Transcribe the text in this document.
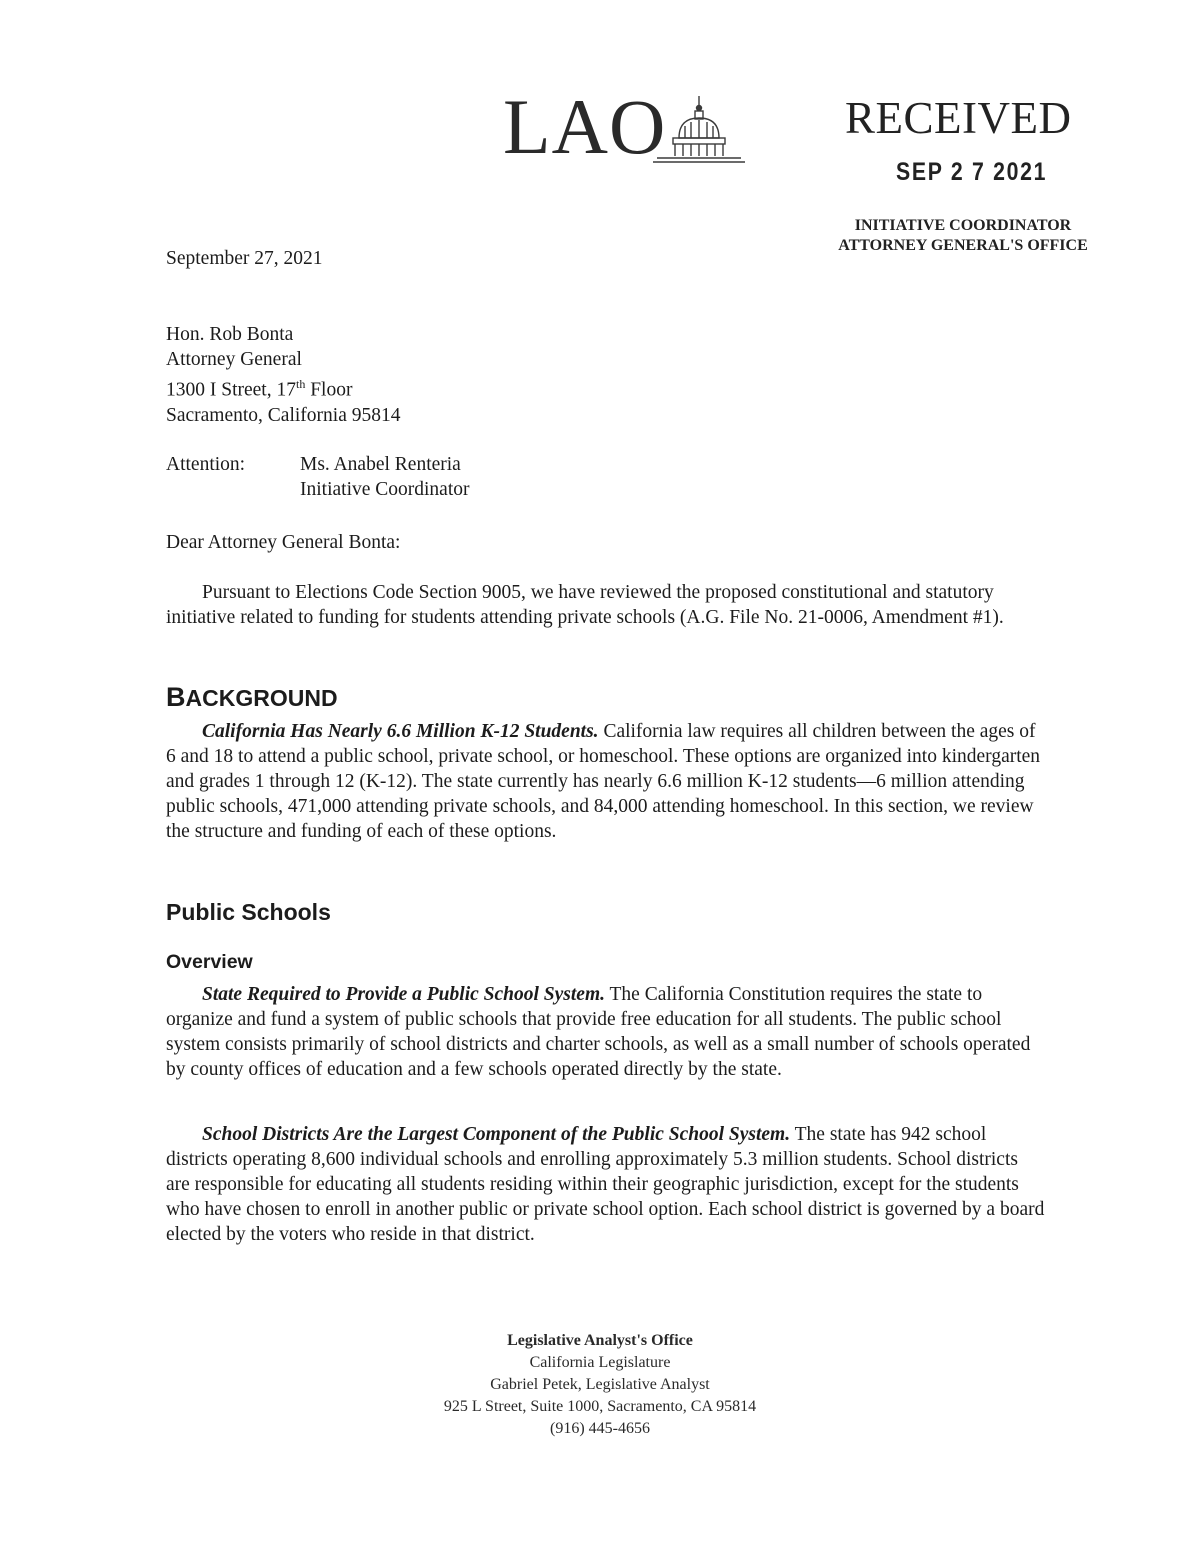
LAO	RECEIVED
SEP 2 7 2021
INITIATIVE COORDINATOR
ATTORNEY GENERAL'S OFFICE
September 27, 2021
Hon. Rob Bonta
Attorney General
1300 I Street, 17th Floor
Sacramento, California 95814
Attention:	Ms. Anabel Renteria
Initiative Coordinator
Dear Attorney General Bonta:

Pursuant to Elections Code Section 9005, we have reviewed the proposed constitutional and statutory initiative related to funding for students attending private schools (A.G. File No. 21-0006, Amendment #1).

BACKGROUND

California Has Nearly 6.6 Million K-12 Students. California law requires all children between the ages of 6 and 18 to attend a public school, private school, or homeschool. These options are organized into kindergarten and grades 1 through 12 (K-12). The state currently has nearly 6.6 million K-12 students—6 million attending public schools, 471,000 attending private schools, and 84,000 attending homeschool. In this section, we review the structure and funding of each of these options.

Public Schools
Overview

State Required to Provide a Public School System. The California Constitution requires the state to organize and fund a system of public schools that provide free education for all students. The public school system consists primarily of school districts and charter schools, as well as a small number of schools operated by county offices of education and a few schools operated directly by the state.

School Districts Are the Largest Component of the Public School System. The state has 942 school districts operating 8,600 individual schools and enrolling approximately 5.3 million students. School districts are responsible for educating all students residing within their geographic jurisdiction, except for the students who have chosen to enroll in another public or private school option. Each school district is governed by a board elected by the voters who reside in that district.

Legislative Analyst's Office
California Legislature
Gabriel Petek, Legislative Analyst
925 L Street, Suite 1000, Sacramento, CA 95814
(916) 445-4656
